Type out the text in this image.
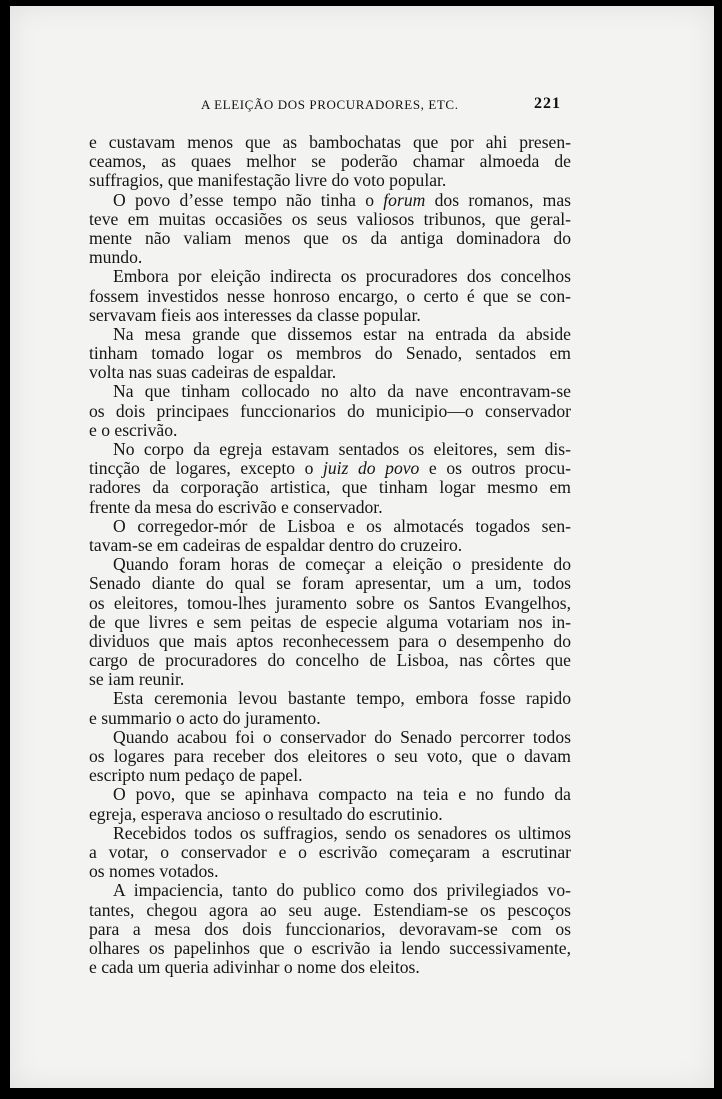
A ELEIÇÃO DOS PROCURADORES, ETC.	221
e custavam menos que as bambochatas que por ahi presen-
ceamos, as quaes melhor se poderão chamar almoeda de
suffragios, que manifestação livre do voto popular.
O povo d’esse tempo não tinha o forum dos romanos, mas
teve em muitas occasiões os seus valiosos tribunos, que geral-
mente não valiam menos que os da antiga dominadora do
mundo.
Embora por eleição indirecta os procuradores dos concelhos
fossem investidos nesse honroso encargo, o certo é que se con-
servavam fieis aos interesses da classe popular.
Na mesa grande que dissemos estar na entrada da abside
tinham tomado logar os membros do Senado, sentados em
volta nas suas cadeiras de espaldar.
Na que tinham collocado no alto da nave encontravam-se
os dois principaes funccionarios do municipio—o conservador
e o escrivão.
No corpo da egreja estavam sentados os eleitores, sem dis-
tincção de logares, excepto o juiz do povo e os outros procu-
radores da corporação artistica, que tinham logar mesmo em
frente da mesa do escrivão e conservador.
O corregedor-mór de Lisboa e os almotacés togados sen-
tavam-se em cadeiras de espaldar dentro do cruzeiro.
Quando foram horas de começar a eleição o presidente do
Senado diante do qual se foram apresentar, um a um, todos
os eleitores, tomou-lhes juramento sobre os Santos Evangelhos,
de que livres e sem peitas de especie alguma votariam nos in-
dividuos que mais aptos reconhecessem para o desempenho do
cargo de procuradores do concelho de Lisboa, nas côrtes que
se iam reunir.
Esta ceremonia levou bastante tempo, embora fosse rapido
e summario o acto do juramento.
Quando acabou foi o conservador do Senado percorrer todos
os logares para receber dos eleitores o seu voto, que o davam
escripto num pedaço de papel.
O povo, que se apinhava compacto na teia e no fundo da
egreja, esperava ancioso o resultado do escrutinio.
Recebidos todos os suffragios, sendo os senadores os ultimos
a votar, o conservador e o escrivão começaram a escrutinar
os nomes votados.
A impaciencia, tanto do publico como dos privilegiados vo-
tantes, chegou agora ao seu auge. Estendiam-se os pescoços
para a mesa dos dois funccionarios, devoravam-se com os
olhares os papelinhos que o escrivão ia lendo successivamente,
e cada um queria adivinhar o nome dos eleitos.
